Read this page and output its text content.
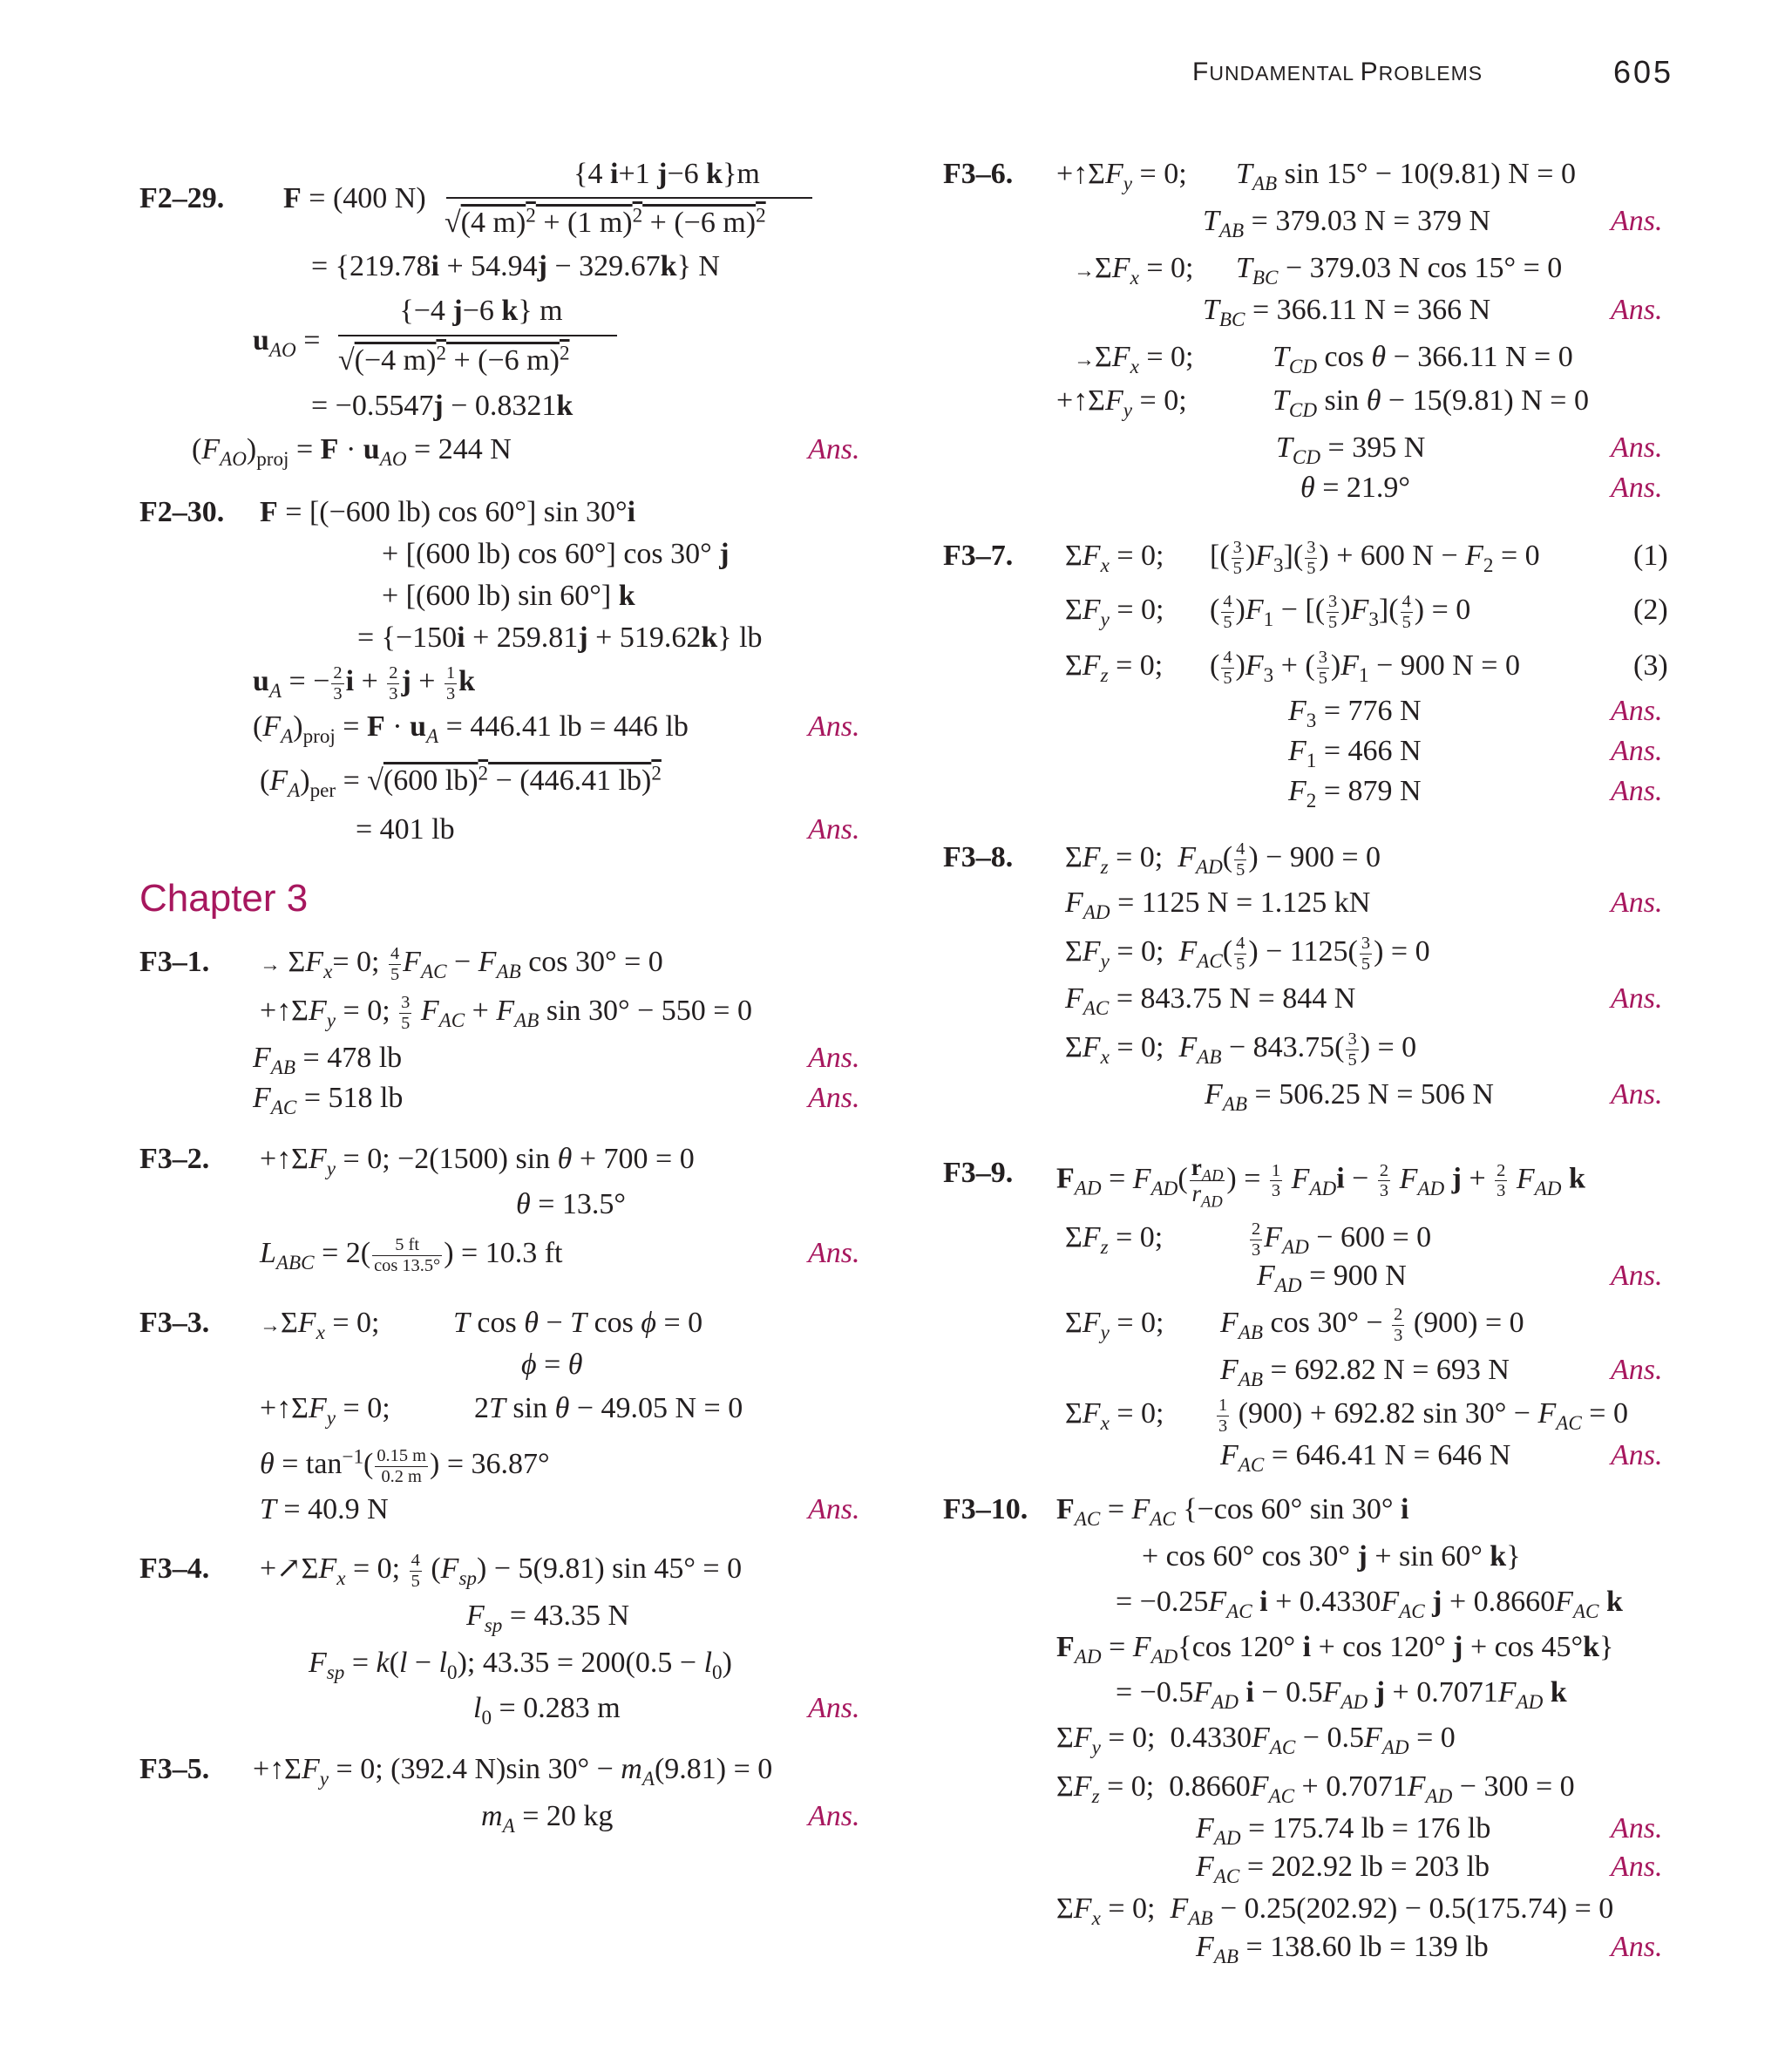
FUNDAMENTAL PROBLEMS	605
F2–29. F = (400 N)
{4 i+1 j−6 k}m
√(4 m)$^2$ + (1 m)$^2$ + (−6 m)$^2$
= {219.78i + 54.94j − 329.67k} N
{−4 j−6 k} m
$u_{AO}$ =
√(−4 m)$^2$ + (−6 m)$^2$
= −0.5547j − 0.8321k
$(F_{AO})_{proj} = F \cdot u_{AO} = 244$ N	Ans.
F2–30. F = [(−600 lb) cos 60°] sin 30°i
+ [(600 lb) cos 60°] cos 30° j
+ [(600 lb) sin 60°] k
= {−150i + 259.81j + 519.62k} lb
$u_A$ = − $\frac{2}{3}$ $i + \frac{2}{3}$ $j + \frac{1}{3}$ k
$(F_A)_{proj} = F \cdot u_A = 446.41$ lb = 446 lb	Ans.
$(F_A)_{per} = √(600$ lb)$^2$ − (446.41 lb)$^2$
= 401 lb	Ans.
Chapter 3
F3–1. → $\Sigma F_x= 0$; $\frac{4}{5} F_{AC} - F_{AB}$ cos 30° = 0
$+↑\Sigma F_y = 0$; $\frac{3}{5} F_{AC} + F_{AB}$ sin 30° − 550 = 0
$F_{AB} = 478$ lb	Ans.
$F_{AC} = 518$ lb	Ans.
F3–2. $+↑\Sigma F_y = 0$; −2(1500) sin θ + 700 = 0
θ = 13.5°
$L_{ABC} = 2( \frac{5 ft}{\cos 13.5^\circ}$ ) = 10.3 ft	Ans.
F3–3. $\to\Sigma F_x = 0$; T cos θ − T cos ϕ = 0
ϕ = θ
$+↑\Sigma F_y = 0$;	2T sin θ − 49.05 N = 0
$\theta = \tan^{-1}( \frac{0.15 m}{0.2 m}$ ) = 36.87°
T = 40.9 N	Ans.
F3–4. $+↗\Sigma F_x = 0$; $\frac{4}{5} (F_{sp}) - 5(9.81)$ sin 45° = 0
$F_{sp} = 43.35$ N
$F_{sp} = k(l - l_0)$; $43.35 = 200(0.5 - l_0)$
$l_0 = 0.283$ m	Ans.
F3–5. $+↑\Sigma F_y = 0$; (392.4 N)sin $30^\circ - m_A(9.81) = 0$
$m_A = 20$ kg	Ans.
F3–6. $+↑\Sigma F_y = 0$; $T_{AB}$ sin 15° − 10(9.81) N = 0
$T_{AB} = 379.03$ N = 379 N	Ans.
$\to\Sigma F_x = 0$; $T_{BC} - 379.03$ N cos 15° = 0
$T_{BC} = 366.11$ N = 366 N	Ans.
$\to\Sigma F_x = 0$;	$T_{CD}$ cos θ − 366.11 N = 0
$+↑\Sigma F_y = 0$;	$T_{CD}$ sin θ − 15(9.81) N = 0
$T_{CD} = 395$ N	Ans.
θ = 21.9°	Ans.
F3–7. $\Sigma F_x = 0$; [( $\frac{3}{5} )F_3]( \frac{3}{5}$ ) + 600 $N - F_2 = 0$	(1)
$\Sigma F_y = 0$; ( $\frac{4}{5} )F_1$ − [( $\frac{3}{5} )F_3]( \frac{4}{5}$ ) = 0	(2)
$\Sigma F_z = 0$; ( $\frac{4}{5} )F_3$ + ( $\frac{3}{5} )F_1 - 900$ N = 0	(3)
$F_3 = 776$ N	Ans.
$F_1 = 466$ N	Ans.
$F_2 = 879$ N	Ans.
F3–8. $\Sigma F_z = 0$;  $F_{AD}( \frac{4}{5}$ ) − 900 = 0
$F_{AD} = 1125$ N = 1.125 kN	Ans.
$\Sigma F_y = 0$;  $F_{AC}( \frac{4}{5}$ ) − $1125( \frac{3}{5}$ ) = 0
$F_{AC} = 843.75$ N = 844 N	Ans.
$\Sigma F_x = 0$;  $F_{AB} - 843.75( \frac{3}{5}$ ) = 0
$F_{AB} = 506.25$ N = 506 N	Ans.
F3–9. $F_{AD} = F_{AD}$( $r_{AD}$
$r_{AD}$
) = $\frac{1}{3} F_{AD}i - \frac{2}{3} F_{AD}$ $j + \frac{2}{3} F_{AD}$ k
$\Sigma F_z = 0$;	$\frac{2}{3} F_{AD} - 600 = 0$
$F_{AD} = 900$ N	Ans.
$\Sigma F_y = 0$; $F_{AB}$ $\cos 30^\circ - \frac{2}{3} (900) = 0$
$F_{AB} = 692.82$ N = 693 N	Ans.
$\Sigma F_x = 0$;	$\frac{1}{3} (900) + 692.82$ $\sin 30^\circ - F_{AC} = 0$
$F_{AC} = 646.41$ N = 646 N	Ans.
F3–10. $F_{AC} = F_{AC}$ {−cos 60° sin 30° i
+ cos 60° cos 30° j + sin 60° k}
= $-0.25F_{AC}$ $i + 0.4330F_{AC}$ $j + 0.8660F_{AC}$ k
$F_{AD} = F_{AD}\{\cos$ 120° i + cos 120° j + cos 45°k}
= $-0.5F_{AD}$ $i - 0.5F_{AD}$ $j + 0.7071F_{AD}$ k
$\Sigma F_y = 0$;  $0.4330F_{AC} - 0.5F_{AD} = 0$
$\Sigma F_z = 0$;  $0.8660F_{AC} + 0.7071F_{AD} - 300 = 0$
$F_{AD} = 175.74$ lb = 176 lb	Ans.
$F_{AC} = 202.92$ lb = 203 lb	Ans.
$\Sigma F_x = 0$;  $F_{AB} - 0.25(202.92) - 0.5(175.74) = 0$
$F_{AB} = 138.60$ lb = 139 lb	Ans.
